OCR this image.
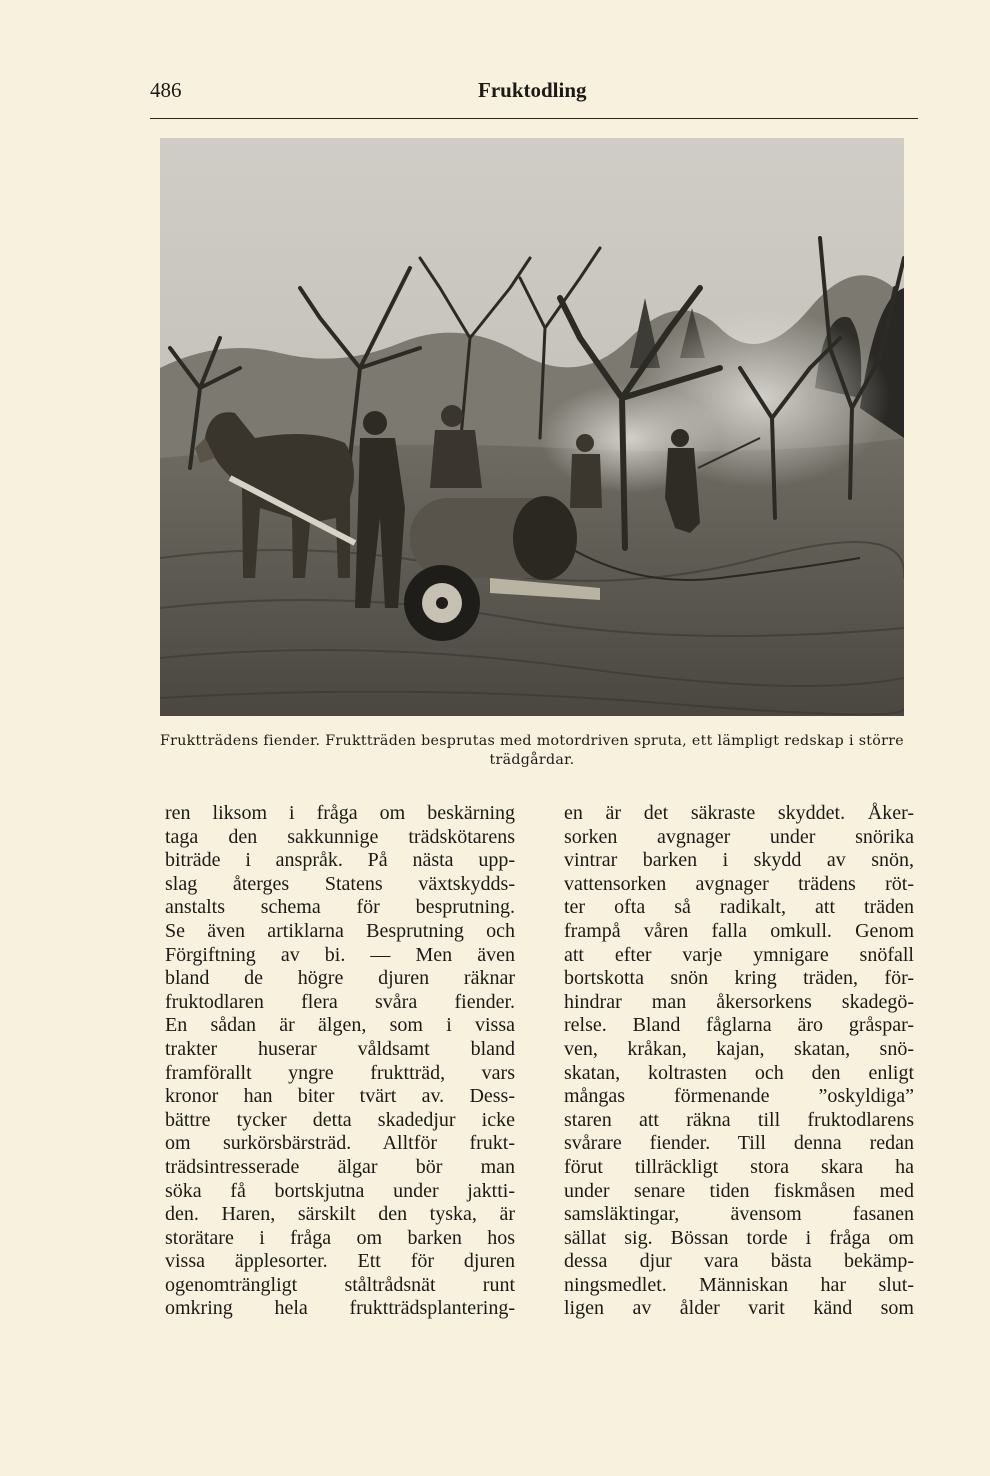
486	Fruktodling
Fruktträdens fiender. Fruktträden besprutas med motordriven spruta, ett lämpligt redskap i större trädgårdar.
ren liksom i fråga om beskärning
taga den sakkunnige trädskötarens
biträde i anspråk. På nästa upp-
slag återges Statens växtskydds-
anstalts schema för besprutning.
Se även artiklarna Besprutning och
Förgiftning av bi. — Men även
bland de högre djuren räknar
fruktodlaren flera svåra fiender.
En sådan är älgen, som i vissa
trakter huserar våldsamt bland
framförallt yngre fruktträd, vars
kronor han biter tvärt av. Dess-
bättre tycker detta skadedjur icke
om surkörsbärsträd. Alltför frukt-
trädsintresserade älgar bör man
söka få bortskjutna under jaktti-
den. Haren, särskilt den tyska, är
storätare i fråga om barken hos
vissa äpplesorter. Ett för djuren
ogenomträngligt ståltrådsnät runt
omkring hela fruktträdsplantering-
en är det säkraste skyddet. Åker-
sorken avgnager under snörika
vintrar barken i skydd av snön,
vattensorken avgnager trädens röt-
ter ofta så radikalt, att träden
frampå våren falla omkull. Genom
att efter varje ymnigare snöfall
bortskotta snön kring träden, för-
hindrar man åkersorkens skadegö-
relse. Bland fåglarna äro gråspar-
ven, kråkan, kajan, skatan, snö-
skatan, koltrasten och den enligt
mångas förmenande ”oskyldiga”
staren att räkna till fruktodlarens
svårare fiender. Till denna redan
förut tillräckligt stora skara ha
under senare tiden fiskmåsen med
samsläktingar, ävensom fasanen
sällat sig. Bössan torde i fråga om
dessa djur vara bästa bekämp-
ningsmedlet. Människan har slut-
ligen av ålder varit känd som
